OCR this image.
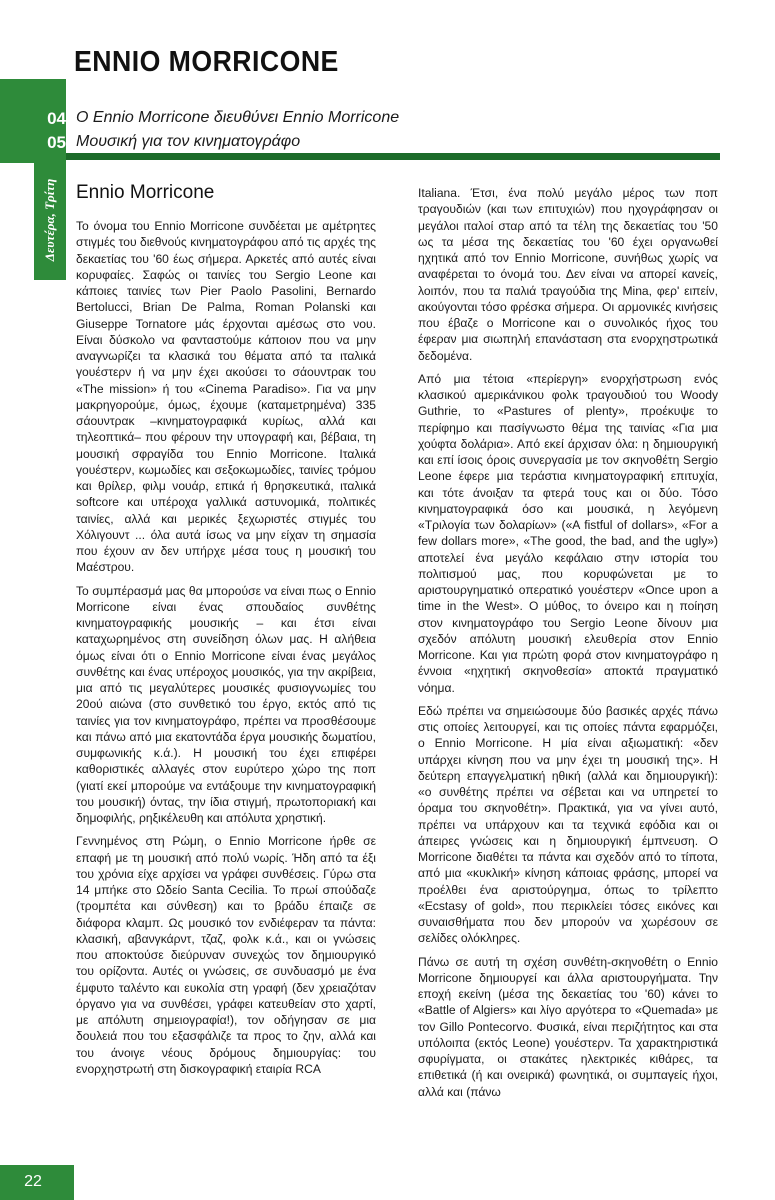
ENNIO MORRICONE
04
05
Ο Ennio Morricone διευθύνει Ennio Morricone
Μουσική για τον κινηματογράφο
Δευτέρα, Τρίτη Ennio Morricone

Το όνομα του Ennio Morricone συνδέεται με αμέτρητες στιγμές του διεθνούς κινηματογράφου από τις αρχές της δεκαετίας του '60 έως σήμερα. Αρκετές από αυτές είναι κορυφαίες. Σαφώς οι ταινίες του Sergio Leone και κάποιες ταινίες των Pier Paolo Pasolini, Bernardo Bertolucci, Brian De Palma, Roman Polanski και Giuseppe Tornatore μάς έρχονται αμέσως στο νου. Είναι δύσκολο να φανταστούμε κάποιον που να μην αναγνωρίζει τα κλασικά του θέματα από τα ιταλικά γουέστερν ή να μην έχει ακούσει το σάουντρακ του «The mission» ή του «Cinema Paradiso». Για να μην μακρηγορούμε, όμως, έχουμε (καταμετρημένα) 335 σάουντρακ –κινηματογραφικά κυρίως, αλλά και τηλεοπτικά– που φέρουν την υπογραφή και, βέβαια, τη μουσική σφραγίδα του Ennio Morricone. Ιταλικά γουέστερν, κωμωδίες και σεξοκωμωδίες, ταινίες τρόμου και θρίλερ, φιλμ νουάρ, επικά ή θρησκευτικά, ιταλικά softcore και υπέροχα γαλλικά αστυνομικά, πολιτικές ταινίες, αλλά και μερικές ξεχωριστές στιγμές του Χόλιγουντ ... όλα αυτά ίσως να μην είχαν τη σημασία που έχουν αν δεν υπήρχε μέσα τους η μουσική του Μαέστρου.

Το συμπέρασμά μας θα μπορούσε να είναι πως ο Ennio Morricone είναι ένας σπουδαίος συνθέτης κινηματογραφικής μουσικής – και έτσι είναι καταχωρημένος στη συνείδηση όλων μας. Η αλήθεια όμως είναι ότι ο Ennio Morricone είναι ένας μεγάλος συνθέτης και ένας υπέροχος μουσικός, για την ακρίβεια, μια από τις μεγαλύτερες μουσικές φυσιογνωμίες του 20ού αιώνα (στο συνθετικό του έργο, εκτός από τις ταινίες για τον κινηματογράφο, πρέπει να προσθέσουμε και πάνω από μια εκατοντάδα έργα μουσικής δωματίου, συμφωνικής κ.ά.). Η μουσική του έχει επιφέρει καθοριστικές αλλαγές στον ευρύτερο χώρο της ποπ (γιατί εκεί μπορούμε να εντάξουμε την κινηματογραφική του μουσική) όντας, την ίδια στιγμή, πρωτοποριακή και δημοφιλής, ρηξικέλευθη και απόλυτα χρηστική.

Γεννημένος στη Ρώμη, ο Ennio Morricone ήρθε σε επαφή με τη μουσική από πολύ νωρίς. Ήδη από τα έξι του χρόνια είχε αρχίσει να γράφει συνθέσεις. Γύρω στα 14 μπήκε στο Ωδείο Santa Cecilia. Το πρωί σπούδαζε (τρομπέτα και σύνθεση) και το βράδυ έπαιζε σε διάφορα κλαμπ. Ως μουσικό τον ενδιέφεραν τα πάντα: κλασική, αβανγκάρντ, τζαζ, φολκ κ.ά., και οι γνώσεις που αποκτούσε διεύρυναν συνεχώς τον δημιουργικό του ορίζοντα. Αυτές οι γνώσεις, σε συνδυασμό με ένα έμφυτο ταλέντο και ευκολία στη γραφή (δεν χρειαζόταν όργανο για να συνθέσει, γράφει κατευθείαν στο χαρτί, με απόλυτη σημειογραφία!), τον οδήγησαν σε μια δουλειά που του εξασφάλιζε τα προς το ζην, αλλά και του άνοιγε νέους δρόμους δημιουργίας: του ενορχηστρωτή στη δισκογραφική εταιρία RCA

Italiana. Έτσι, ένα πολύ μεγάλο μέρος των ποπ τραγουδιών (και των επιτυχιών) που ηχογράφησαν οι μεγάλοι ιταλοί σταρ από τα τέλη της δεκαετίας του '50 ως τα μέσα της δεκαετίας του '60 έχει οργανωθεί ηχητικά από τον Ennio Morricone, συνήθως χωρίς να αναφέρεται το όνομά του. Δεν είναι να απορεί κανείς, λοιπόν, που τα παλιά τραγούδια της Mina, φερ' ειπείν, ακούγονται τόσο φρέσκα σήμερα. Οι αρμονικές κινήσεις που έβαζε ο Morricone και ο συνολικός ήχος του έφεραν μια σιωπηλή επανάσταση στα ενορχηστρωτικά δεδομένα.

Από μια τέτοια «περίεργη» ενορχήστρωση ενός κλασικού αμερικάνικου φολκ τραγουδιού του Woody Guthrie, το «Pastures of plenty», προέκυψε το περίφημο και πασίγνωστο θέμα της ταινίας «Για μια χούφτα δολάρια». Από εκεί άρχισαν όλα: η δημιουργική και επί ίσοις όροις συνεργασία με τον σκηνοθέτη Sergio Leone έφερε μια τεράστια κινηματογραφική επιτυχία, και τότε άνοιξαν τα φτερά τους και οι δύο. Τόσο κινηματογραφικά όσο και μουσικά, η λεγόμενη «Τριλογία των δολαρίων» («A fistful of dollars», «For a few dollars more», «The good, the bad, and the ugly») αποτελεί ένα μεγάλο κεφάλαιο στην ιστορία του πολιτισμού μας, που κορυφώνεται με το αριστουργηματικό οπερατικό γουέστερν «Once upon a time in the West». Ο μύθος, το όνειρο και η ποίηση στον κινηματογράφο του Sergio Leone δίνουν μια σχεδόν απόλυτη μουσική ελευθερία στον Ennio Morricone. Και για πρώτη φορά στον κινηματογράφο η έννοια «ηχητική σκηνοθεσία» αποκτά πραγματικό νόημα.

Εδώ πρέπει να σημειώσουμε δύο βασικές αρχές πάνω στις οποίες λειτουργεί, και τις οποίες πάντα εφαρμόζει, ο Ennio Morricone. Η μία είναι αξιωματική: «δεν υπάρχει κίνηση που να μην έχει τη μουσική της». Η δεύτερη επαγγελματική ηθική (αλλά και δημιουργική): «ο συνθέτης πρέπει να σέβεται και να υπηρετεί το όραμα του σκηνοθέτη». Πρακτικά, για να γίνει αυτό, πρέπει να υπάρχουν και τα τεχνικά εφόδια και οι άπειρες γνώσεις και η δημιουργική έμπνευση. Ο Morricone διαθέτει τα πάντα και σχεδόν από το τίποτα, από μια «κυκλική» κίνηση κάποιας φράσης, μπορεί να προέλθει ένα αριστούργημα, όπως το τρίλεπτο «Ecstasy of gold», που περικλείει τόσες εικόνες και συναισθήματα που δεν μπορούν να χωρέσουν σε σελίδες ολόκληρες.

Πάνω σε αυτή τη σχέση συνθέτη-σκηνοθέτη ο Ennio Morricone δημιουργεί και άλλα αριστουργήματα. Την εποχή εκείνη (μέσα της δεκαετίας του '60) κάνει το «Battle of Algiers» και λίγο αργότερα το «Quemada» με τον Gillo Pontecorvo. Φυσικά, είναι περιζήτητος και στα υπόλοιπα (εκτός Leone) γουέστερν. Τα χαρακτηριστικά σφυρίγματα, οι στακάτες ηλεκτρικές κιθάρες, τα επιθετικά (ή και ονειρικά) φωνητικά, οι συμπαγείς ήχοι, αλλά και (πάνω

22
